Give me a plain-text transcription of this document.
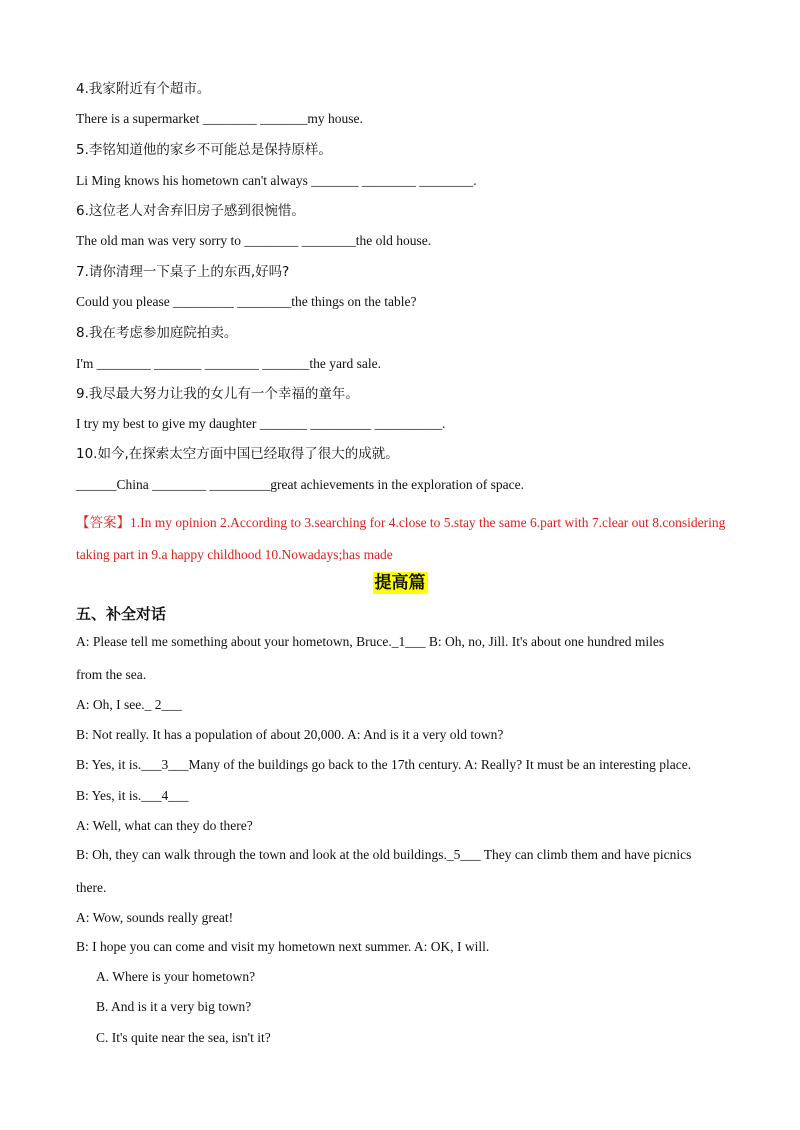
4.我家附近有个超市。
There is a supermarket ________ _______my house.
5.李铭知道他的家乡不可能总是保持原样。
Li Ming knows his hometown can't always _______ ________ ________.
6.这位老人对舍弃旧房子感到很惋惜。
The old man was very sorry to ________ ________the old house.
7.请你清理一下桌子上的东西,好吗?
Could you please _________ ________the things on the table?
8.我在考虑参加庭院拍卖。
I'm ________ _______ ________ _______the yard sale.
9.我尽最大努力让我的女儿有一个幸福的童年。
I try my best to give my daughter _______ _________ __________.
10.如今,在探索太空方面中国已经取得了很大的成就。
______China ________ _________great achievements in the exploration of space.
【答案】1.In my opinion 2.According to 3.searching for 4.close to 5.stay the same 6.part with 7.clear out 8.considering taking part in 9.a happy childhood 10.Nowadays;has made
提高篇
五、补全对话
A: Please tell me something about your hometown, Bruce._1___ B: Oh, no, Jill. It's about one hundred miles
from the sea.
A: Oh, I see._ 2___
B: Not really. It has a population of about 20,000. A: And is it a very old town?
B: Yes, it is.___3___Many of the buildings go back to the 17th century. A: Really? It must be an interesting place.
B: Yes, it is.___4___
A: Well, what can they do there?
B: Oh, they can walk through the town and look at the old buildings._5___ They can climb them and have picnics
there.
A: Wow, sounds really great!
B: I hope you can come and visit my hometown next summer. A: OK, I will.
A. Where is your hometown?
B. And is it a very big town?
C. It's quite near the sea, isn't it?
